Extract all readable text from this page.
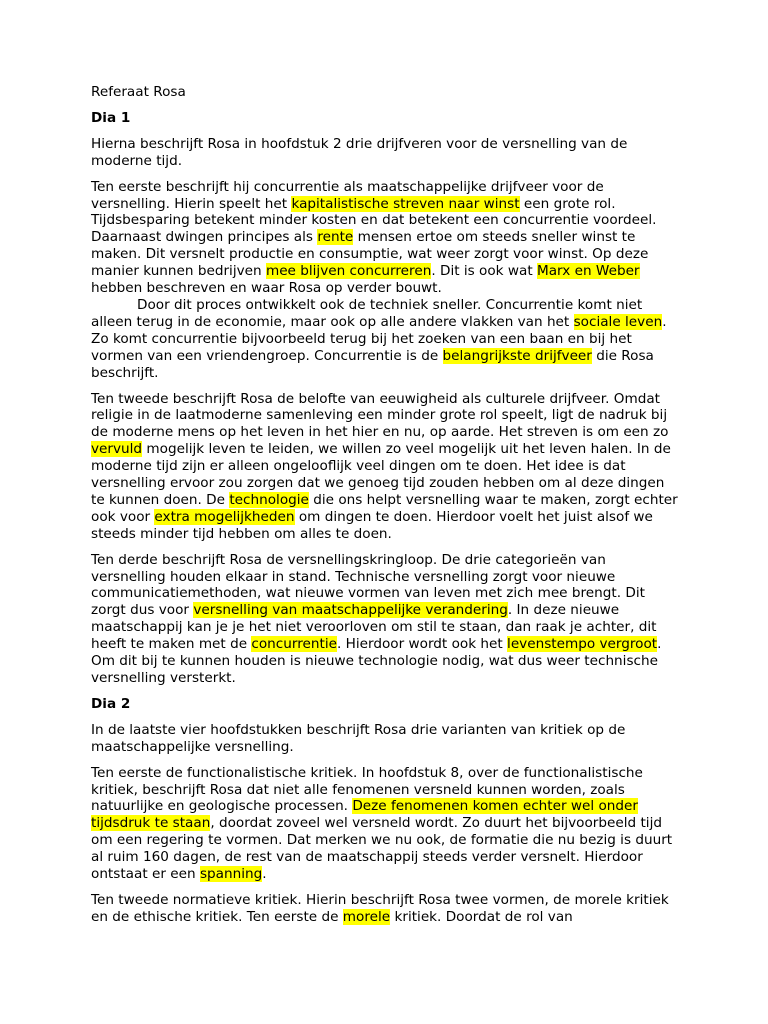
Referaat Rosa

Dia 1

Hierna beschrijft Rosa in hoofdstuk 2 drie drijfveren voor de versnelling van de moderne tijd.

Ten eerste beschrijft hij concurrentie als maatschappelijke drijfveer voor de versnelling. Hierin speelt het kapitalistische streven naar winst een grote rol. Tijdsbesparing betekent minder kosten en dat betekent een concurrentie voordeel. Daarnaast dwingen principes als rente mensen ertoe om steeds sneller winst te maken. Dit versnelt productie en consumptie, wat weer zorgt voor winst. Op deze manier kunnen bedrijven mee blijven concurreren. Dit is ook wat Marx en Weber hebben beschreven en waar Rosa op verder bouwt.
Door dit proces ontwikkelt ook de techniek sneller. Concurrentie komt niet alleen terug in de economie, maar ook op alle andere vlakken van het sociale leven. Zo komt concurrentie bijvoorbeeld terug bij het zoeken van een baan en bij het vormen van een vriendengroep. Concurrentie is de belangrijkste drijfveer die Rosa beschrijft.

Ten tweede beschrijft Rosa de belofte van eeuwigheid als culturele drijfveer. Omdat religie in de laatmoderne samenleving een minder grote rol speelt, ligt de nadruk bij de moderne mens op het leven in het hier en nu, op aarde. Het streven is om een zo vervuld mogelijk leven te leiden, we willen zo veel mogelijk uit het leven halen. In de moderne tijd zijn er alleen ongelooflijk veel dingen om te doen. Het idee is dat versnelling ervoor zou zorgen dat we genoeg tijd zouden hebben om al deze dingen te kunnen doen. De technologie die ons helpt versnelling waar te maken, zorgt echter ook voor extra mogelijkheden om dingen te doen. Hierdoor voelt het juist alsof we steeds minder tijd hebben om alles te doen.

Ten derde beschrijft Rosa de versnellingskringloop. De drie categorieën van versnelling houden elkaar in stand. Technische versnelling zorgt voor nieuwe communicatiemethoden, wat nieuwe vormen van leven met zich mee brengt. Dit zorgt dus voor versnelling van maatschappelijke verandering. In deze nieuwe maatschappij kan je je het niet veroorloven om stil te staan, dan raak je achter, dit heeft te maken met de concurrentie. Hierdoor wordt ook het levenstempo vergroot. Om dit bij te kunnen houden is nieuwe technologie nodig, wat dus weer technische versnelling versterkt.

Dia 2

In de laatste vier hoofdstukken beschrijft Rosa drie varianten van kritiek op de maatschappelijke versnelling.

Ten eerste de functionalistische kritiek. In hoofdstuk 8, over de functionalistische kritiek, beschrijft Rosa dat niet alle fenomenen versneld kunnen worden, zoals natuurlijke en geologische processen. Deze fenomenen komen echter wel onder tijdsdruk te staan, doordat zoveel wel versneld wordt. Zo duurt het bijvoorbeeld tijd om een regering te vormen. Dat merken we nu ook, de formatie die nu bezig is duurt al ruim 160 dagen, de rest van de maatschappij steeds verder versnelt. Hierdoor ontstaat er een spanning.

Ten tweede normatieve kritiek. Hierin beschrijft Rosa twee vormen, de morele kritiek en de ethische kritiek. Ten eerste de morele kritiek. Doordat de rol van
